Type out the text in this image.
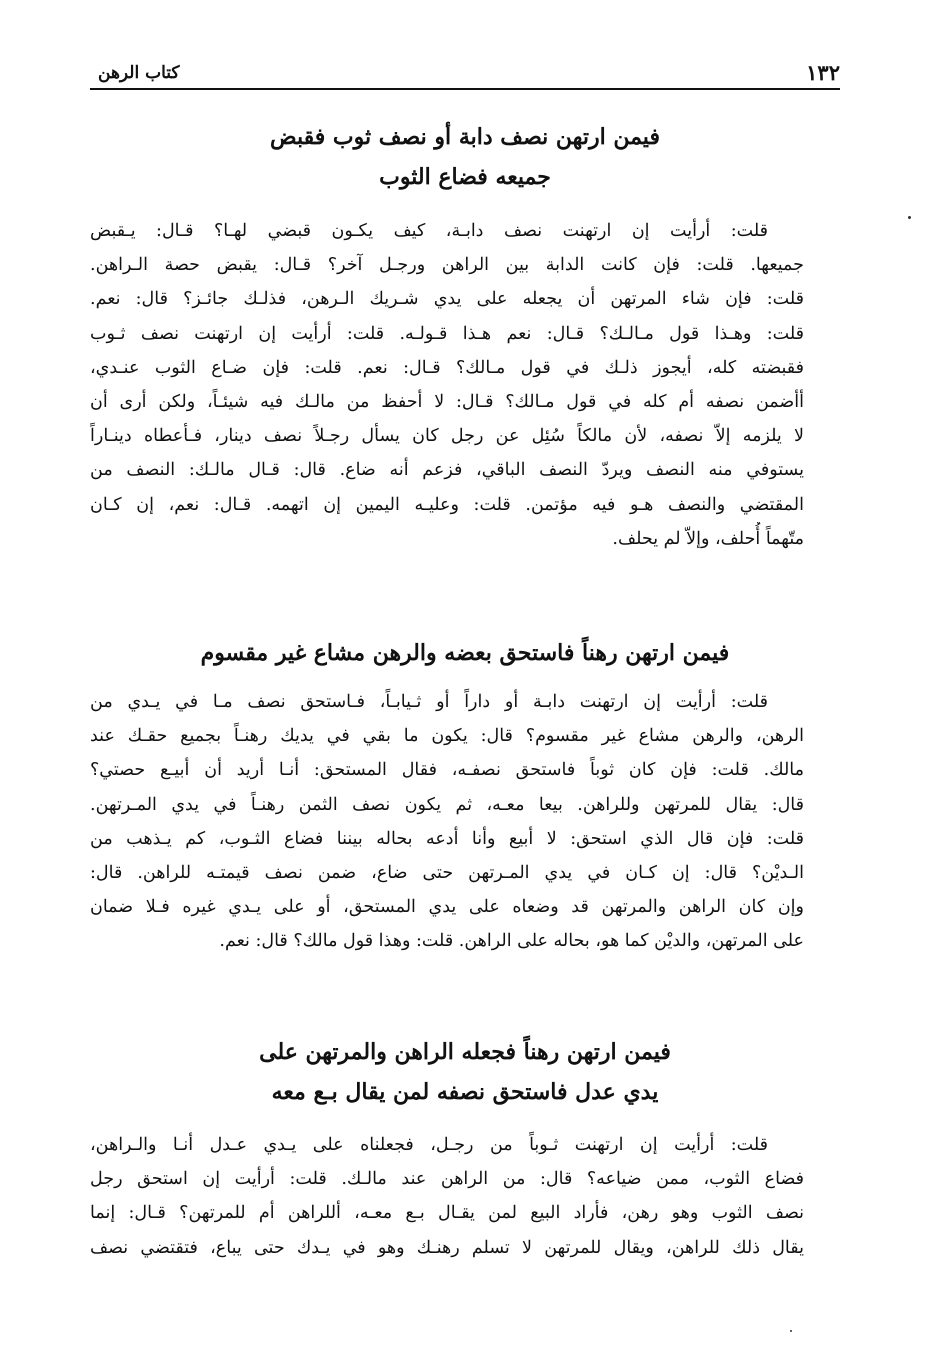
١٣٢
كتاب الرهن
فيمن ارتهن نصف دابة أو نصف ثوب فقبض
جميعه فضاع الثوب
قلت: أرأيت إن ارتهنت نصف دابـة، كيف يكـون قبضي لهـا؟ قـال: يـقبض
جميعها. قلت: فإن كانت الدابة بين الراهن ورجـل آخر؟ قـال: يقبض حصة الـراهن.
قلت: فإن شاء المرتهن أن يجعله على يدي شـريك الـرهن، فذلـك جائـز؟ قال: نعم.
قلت: وهـذا قول مـالـك؟ قـال: نعم هـذا قـولـه. قلت: أرأيت إن ارتهنت نصف ثـوب
فقبضته كله، أيجوز ذلـك في قول مـالك؟ قـال: نعم. قلت: فإن ضـاع الثوب عنـدي،
أأضمن نصفه أم كله في قول مـالك؟ قـال: لا أحفظ من مالـك فيه شيئـاً، ولكن أرى أن
لا يلزمه إلاّ نصفه، لأن مالكاً سُئِل عن رجل كان يسأل رجـلاً نصف دينار، فـأعطاه دينـاراً
يستوفي منه النصف ويردّ النصف الباقي، فزعم أنه ضاع. قال: قـال مالـك: النصف من
المقتضي والنصف هـو فيه مؤتمن. قلت: وعليـه اليمين إن اتهمه. قـال: نعم، إن كـان
متّهماً أُحلف، وإلاّ لم يحلف.
فيمن ارتهن رهناً فاستحق بعضه والرهن مشاع غير مقسوم
قلت: أرأيت إن ارتهنت دابـة أو داراً أو ثـيابـاً، فـاستحق نصف مـا في يـدي من
الرهن، والرهن مشاع غير مقسوم؟ قال: يكون ما بقي في يديك رهنـاً بجميع حقـك عند
مالك. قلت: فإن كان ثوباً فاستحق نصفـه، فقال المستحق: أنـا أريد أن أبيـع حصتي؟
قال: يقال للمرتهن وللراهن. بيعا معـه، ثم يكون نصف الثمن رهنـاً في يدي المـرتهن.
قلت: فإن قال الذي استحق: لا أبيع وأنا أدعه بحاله بيننا فضاع الثـوب، كم يـذهب من
الـديْن؟ قال: إن كـان في يدي المـرتهن حتى ضاع، ضمن نصف قيمتـه للراهن. قال:
وإن كان الراهن والمرتهن قد وضعاه على يدي المستحق، أو على يـدي غيره فـلا ضمان
على المرتهن، والديْن كما هو، بحاله على الراهن. قلت: وهذا قول مالك؟ قال: نعم.
فيمن ارتهن رهناً فجعله الراهن والمرتهن على
يدي عدل فاستحق نصفه لمن يقال بـع معه
قلت: أرأيت إن ارتهنت ثـوباً من رجـل، فجعلناه على يـدي عـدل أنـا والـراهن،
فضاع الثوب، ممن ضياعه؟ قال: من الراهن عند مالـك. قلت: أرأيت إن استحق رجل
نصف الثوب وهو رهن، فأراد البيع لمن يقـال بـع معـه، أللراهن أم للمرتهن؟ قـال: إنما
يقال ذلك للراهن، ويقال للمرتهن لا تسلم رهنـك وهو في يـدك حتى يباع، فتقتضي نصف
